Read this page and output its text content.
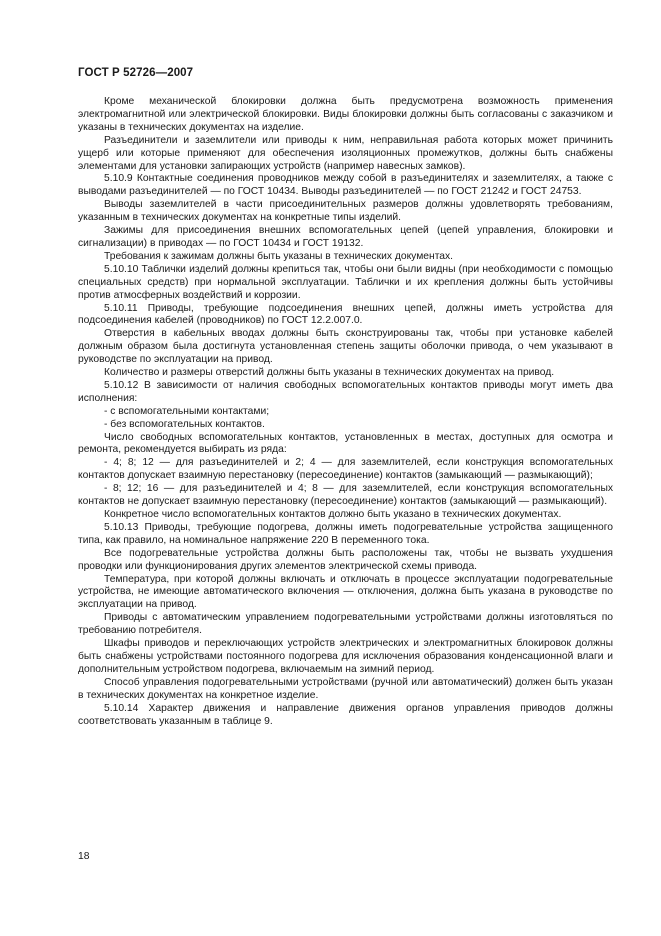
ГОСТ Р 52726—2007

Кроме механической блокировки должна быть предусмотрена возможность применения электромагнитной или электрической блокировки. Виды блокировки должны быть согласованы с заказчиком и указаны в технических документах на изделие.

Разъединители и заземлители или приводы к ним, неправильная работа которых может причинить ущерб или которые применяют для обеспечения изоляционных промежутков, должны быть снабжены элементами для установки запирающих устройств (например навесных замков).

5.10.9 Контактные соединения проводников между собой в разъединителях и заземлителях, а также с выводами разъединителей — по ГОСТ 10434. Выводы разъединителей — по ГОСТ 21242 и ГОСТ 24753.

Выводы заземлителей в части присоединительных размеров должны удовлетворять требованиям, указанным в технических документах на конкретные типы изделий.

Зажимы для присоединения внешних вспомогательных цепей (цепей управления, блокировки и сигнализации) в приводах — по ГОСТ 10434 и ГОСТ 19132.

Требования к зажимам должны быть указаны в технических документах.

5.10.10 Таблички изделий должны крепиться так, чтобы они были видны (при необходимости с помощью специальных средств) при нормальной эксплуатации. Таблички и их крепления должны быть устойчивы против атмосферных воздействий и коррозии.

5.10.11 Приводы, требующие подсоединения внешних цепей, должны иметь устройства для подсоединения кабелей (проводников) по ГОСТ 12.2.007.0.

Отверстия в кабельных вводах должны быть сконструированы так, чтобы при установке кабелей должным образом была достигнута установленная степень защиты оболочки привода, о чем указывают в руководстве по эксплуатации на привод.

Количество и размеры отверстий должны быть указаны в технических документах на привод.

5.10.12 В зависимости от наличия свободных вспомогательных контактов приводы могут иметь два исполнения:

- с вспомогательными контактами;

- без вспомогательных контактов.

Число свободных вспомогательных контактов, установленных в местах, доступных для осмотра и ремонта, рекомендуется выбирать из ряда:

- 4; 8; 12 — для разъединителей и 2; 4 — для заземлителей, если конструкция вспомогательных контактов допускает взаимную перестановку (пересоединение) контактов (замыкающий — размыкающий);

- 8; 12; 16 — для разъединителей и 4; 8 — для заземлителей, если конструкция вспомогательных контактов не допускает взаимную перестановку (пересоединение) контактов (замыкающий — размыкающий).

Конкретное число вспомогательных контактов должно быть указано в технических документах.

5.10.13 Приводы, требующие подогрева, должны иметь подогревательные устройства защищенного типа, как правило, на номинальное напряжение 220 В переменного тока.

Все подогревательные устройства должны быть расположены так, чтобы не вызвать ухудшения проводки или функционирования других элементов электрической схемы привода.

Температура, при которой должны включать и отключать в процессе эксплуатации подогревательные устройства, не имеющие автоматического включения — отключения, должна быть указана в руководстве по эксплуатации на привод.

Приводы с автоматическим управлением подогревательными устройствами должны изготовляться по требованию потребителя.

Шкафы приводов и переключающих устройств электрических и электромагнитных блокировок должны быть снабжены устройствами постоянного подогрева для исключения образования конденсационной влаги и дополнительным устройством подогрева, включаемым на зимний период.

Способ управления подогревательными устройствами (ручной или автоматический) должен быть указан в технических документах на конкретное изделие.

5.10.14 Характер движения и направление движения органов управления приводов должны соответствовать указанным в таблице 9.

18
